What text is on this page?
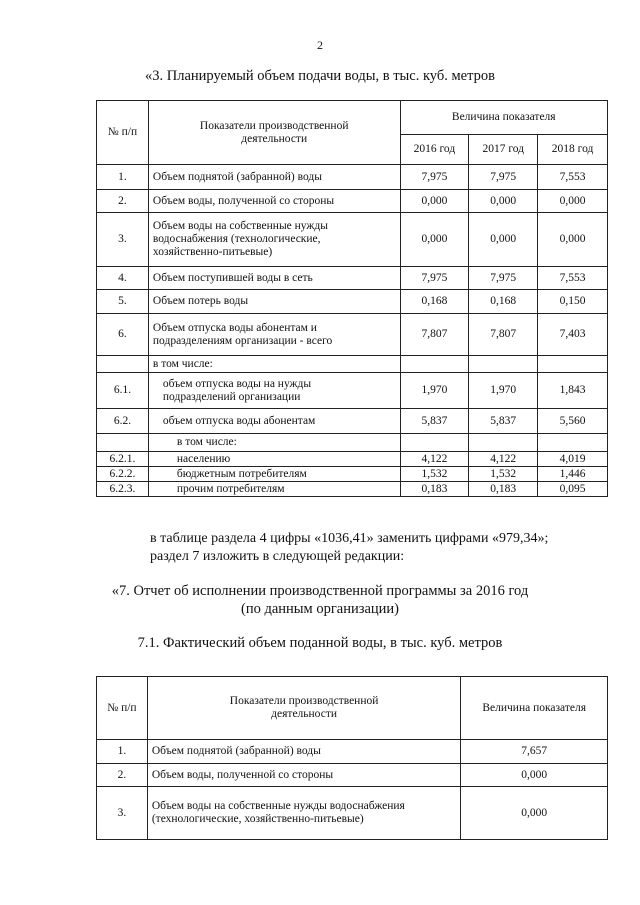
2
«3. Планируемый объем подачи воды, в тыс. куб. метров
№ п/п	Показатели производственной деятельности	Величина показателя		
		2016 год	2017 год	2018 год
1.	Объем поднятой (забранной) воды	7,975	7,975	7,553
2.	Объем воды, полученной со стороны	0,000	0,000	0,000
3.	Объем воды на собственные нужды водоснабжения (технологические, хозяйственно-питьевые)	0,000	0,000	0,000
4.	Объем поступившей воды в сеть	7,975	7,975	7,553
5.	Объем потерь воды	0,168	0,168	0,150
6.	Объем отпуска воды абонентам и подразделениям организации - всего	7,807	7,807	7,403
	в том числе:			
6.1.	объем отпуска воды на нужды подразделений организации	1,970	1,970	1,843
6.2.	объем отпуска воды абонентам	5,837	5,837	5,560
	в том числе:			
6.2.1.	населению	4,122	4,122	4,019
6.2.2.	бюджетным потребителям	1,532	1,532	1,446
6.2.3.	прочим потребителям	0,183	0,183	0,095
в таблице раздела 4 цифры «1036,41» заменить цифрами «979,34»;
раздел 7 изложить в следующей редакции:
«7. Отчет об исполнении производственной программы за 2016 год
(по данным организации)
7.1. Фактический объем поданной воды, в тыс. куб. метров
№ п/п	Показатели производственной деятельности	Величина показателя
1.	Объем поднятой (забранной) воды	7,657
2.	Объем воды, полученной со стороны	0,000
3.	Объем воды на собственные нужды водоснабжения (технологические, хозяйственно-питьевые)	0,000
